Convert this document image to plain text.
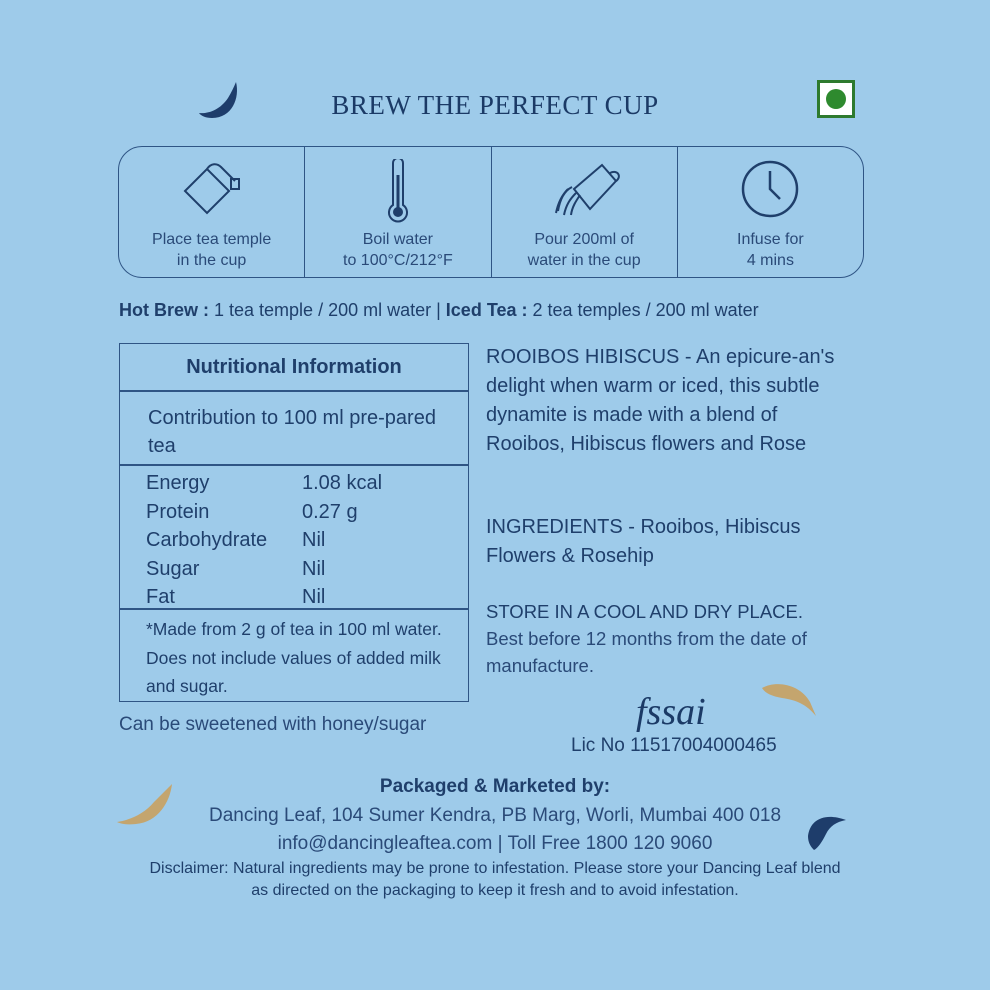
BREW THE PERFECT CUP
Place tea temple
in the cup
Boil water
to 100°C/212°F
Pour 200ml of
water in the cup
Infuse for
4 mins
Hot Brew : 1 tea temple / 200 ml water | Iced Tea : 2 tea temples / 200 ml water
Nutritional Information
Contribution to 100 ml pre-pared tea
Energy	1.08 kcal
Protein	0.27 g
Carbohydrate	Nil
Sugar	Nil
Fat	Nil
*Made from 2 g of tea in 100 ml water. Does not include values of added milk and sugar.
Can be sweetened with honey/sugar
ROOIBOS HIBISCUS - An epicure-an's delight when warm or iced, this subtle dynamite is made with a blend of Rooibos, Hibiscus flowers and Rose
INGREDIENTS - Rooibos, Hibiscus Flowers & Rosehip
STORE IN A COOL AND DRY PLACE.
Best before 12 months from the date of manufacture.
fssai
Lic No 11517004000465
Packaged & Marketed by:
Dancing Leaf, 104 Sumer Kendra, PB Marg, Worli, Mumbai 400 018
info@dancingleaftea.com | Toll Free 1800 120 9060
Disclaimer: Natural ingredients may be prone to infestation. Please store your Dancing Leaf blend as directed on the packaging to keep it fresh and to avoid infestation.
